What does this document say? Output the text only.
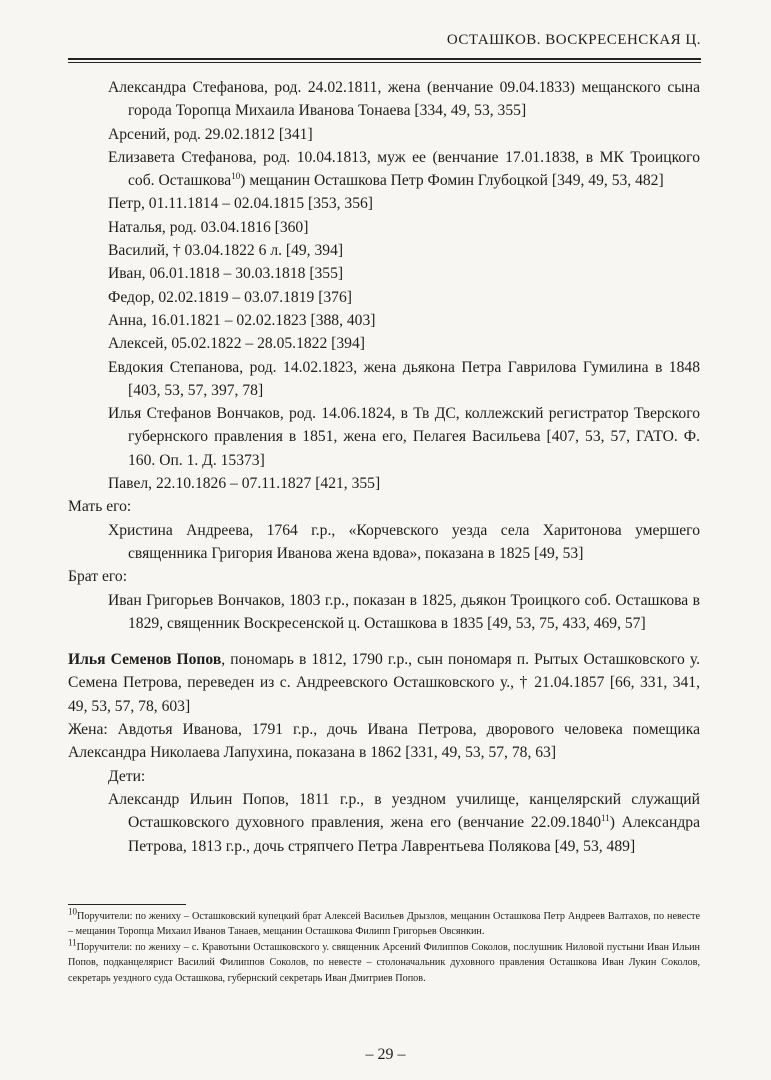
ОСТАШКОВ. ВОСКРЕСЕНСКАЯ Ц.

Александра Стефанова, род. 24.02.1811, жена (венчание 09.04.1833) мещанского сына города Торопца Михаила Иванова Тонаева [334, 49, 53, 355]

Арсений, род. 29.02.1812 [341]

Елизавета Стефанова, род. 10.04.1813, муж ее (венчание 17.01.1838, в МК Троицкого соб. Осташкова$^{10}$) мещанин Осташкова Петр Фомин Глубоцкой [349, 49, 53, 482]

Петр, 01.11.1814 – 02.04.1815 [353, 356]

Наталья, род. 03.04.1816 [360]

Василий, † 03.04.1822 6 л. [49, 394]

Иван, 06.01.1818 – 30.03.1818 [355]

Федор, 02.02.1819 – 03.07.1819 [376]

Анна, 16.01.1821 – 02.02.1823 [388, 403]

Алексей, 05.02.1822 – 28.05.1822 [394]

Евдокия Степанова, род. 14.02.1823, жена дьякона Петра Гаврилова Гумилина в 1848 [403, 53, 57, 397, 78]

Илья Стефанов Вончаков, род. 14.06.1824, в Тв ДС, коллежский регистратор Тверского губернского правления в 1851, жена его, Пелагея Васильева [407, 53, 57, ГАТО. Ф. 160. Оп. 1. Д. 15373]

Павел, 22.10.1826 – 07.11.1827 [421, 355]

Мать его:

Христина Андреева, 1764 г.р., «Корчевского уезда села Харитонова умершего священника Григория Иванова жена вдова», показана в 1825 [49, 53]

Брат его:

Иван Григорьев Вончаков, 1803 г.р., показан в 1825, дьякон Троицкого соб. Осташкова в 1829, священник Воскресенской ц. Осташкова в 1835 [49, 53, 75, 433, 469, 57]

Илья Семенов Попов, пономарь в 1812, 1790 г.р., сын пономаря п. Рытых Осташковского у. Семена Петрова, переведен из с. Андреевского Осташковского у., † 21.04.1857 [66, 331, 341, 49, 53, 57, 78, 603]

Жена: Авдотья Иванова, 1791 г.р., дочь Ивана Петрова, дворового человека помещика Александра Николаева Лапухина, показана в 1862 [331, 49, 53, 57, 78, 63]

Дети:

Александр Ильин Попов, 1811 г.р., в уездном училище, канцелярский служащий Осташковского духовного правления, жена его (венчание 22.09.1840$^{11}$) Александра Петрова, 1813 г.р., дочь стряпчего Петра Лаврентьева Полякова [49, 53, 489]

$^{10}$Поручители: по жениху – Осташковский купецкий брат Алексей Васильев Дрызлов, мещанин Осташкова Петр Андреев Валтахов, по невесте – мещанин Торопца Михаил Иванов Танаев, мещанин Осташкова Филипп Григорьев Овсянкин.

$^{11}$Поручители: по жениху – с. Кравотыни Осташковского у. священник Арсений Филиппов Соколов, послушник Ниловой пустыни Иван Ильин Попов, подканцелярист Василий Филиппов Соколов, по невесте – столоначальник духовного правления Осташкова Иван Лукин Соколов, секретарь уездного суда Осташкова, губернский секретарь Иван Дмитриев Попов.

– 29 –
